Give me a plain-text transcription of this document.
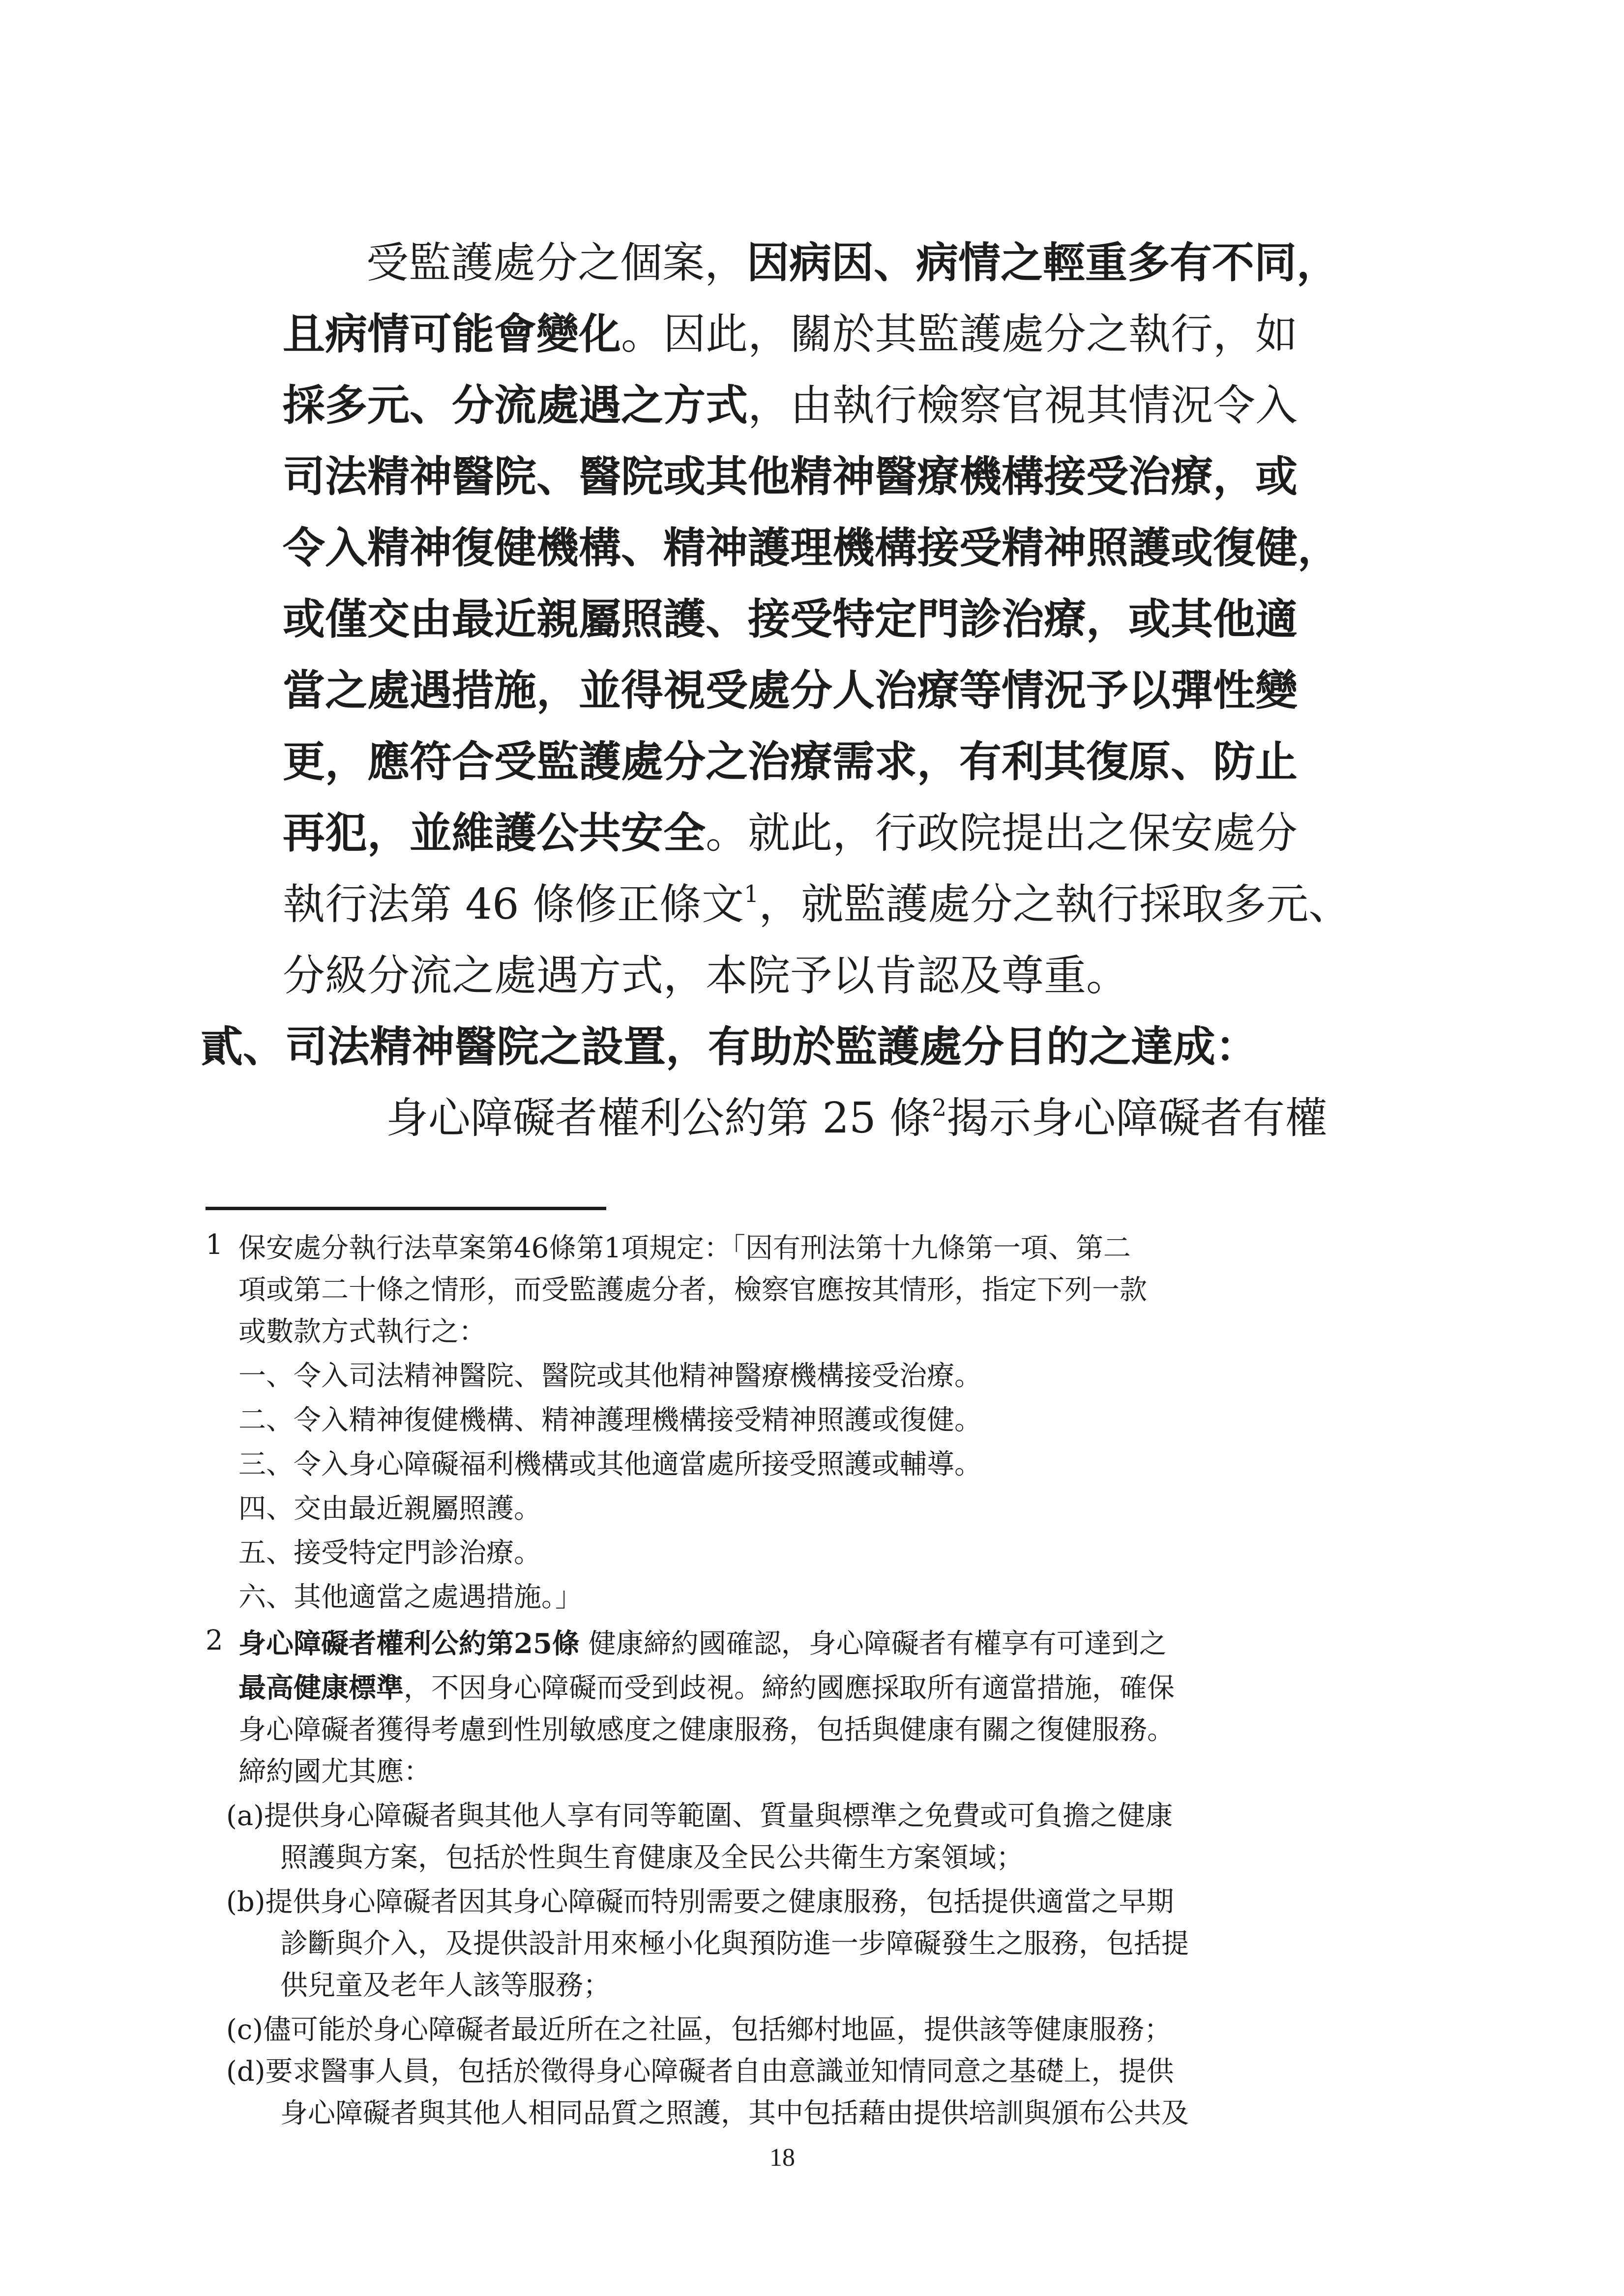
受監護處分之個案，因病因、病情之輕重多有不同，
且病情可能會變化。因此，關於其監護處分之執行，如
採多元、分流處遇之方式，由執行檢察官視其情況令入
司法精神醫院、醫院或其他精神醫療機構接受治療，或
令入精神復健機構、精神護理機構接受精神照護或復健，
或僅交由最近親屬照護、接受特定門診治療，或其他適
當之處遇措施，並得視受處分人治療等情況予以彈性變
更，應符合受監護處分之治療需求，有利其復原、防止
再犯，並維護公共安全。就此，行政院提出之保安處分
執行法第 46 條修正條文$^1$，就監護處分之執行採取多元、
分級分流之處遇方式，本院予以肯認及尊重。
貳、司法精神醫院之設置，有助於監護處分目的之達成：
身心障礙者權利公約第 25 條$^2$揭示身心障礙者有權
1 保安處分執行法草案第46條第1項規定：「因有刑法第十九條第一項、第二
項或第二十條之情形，而受監護處分者，檢察官應按其情形，指定下列一款
或數款方式執行之：
一、令入司法精神醫院、醫院或其他精神醫療機構接受治療。
二、令入精神復健機構、精神護理機構接受精神照護或復健。
三、令入身心障礙福利機構或其他適當處所接受照護或輔導。
四、交由最近親屬照護。
五、接受特定門診治療。
六、其他適當之處遇措施。」
2 身心障礙者權利公約第25條 健康締約國確認，身心障礙者有權享有可達到之
最高健康標準，不因身心障礙而受到歧視。締約國應採取所有適當措施，確保
身心障礙者獲得考慮到性別敏感度之健康服務，包括與健康有關之復健服務。
締約國尤其應：
(a)提供身心障礙者與其他人享有同等範圍、質量與標準之免費或可負擔之健康
照護與方案，包括於性與生育健康及全民公共衛生方案領域；
(b)提供身心障礙者因其身心障礙而特別需要之健康服務，包括提供適當之早期
診斷與介入，及提供設計用來極小化與預防進一步障礙發生之服務，包括提
供兒童及老年人該等服務；
(c)儘可能於身心障礙者最近所在之社區，包括鄉村地區，提供該等健康服務；
(d)要求醫事人員，包括於徵得身心障礙者自由意識並知情同意之基礎上，提供
身心障礙者與其他人相同品質之照護，其中包括藉由提供培訓與頒布公共及
18
